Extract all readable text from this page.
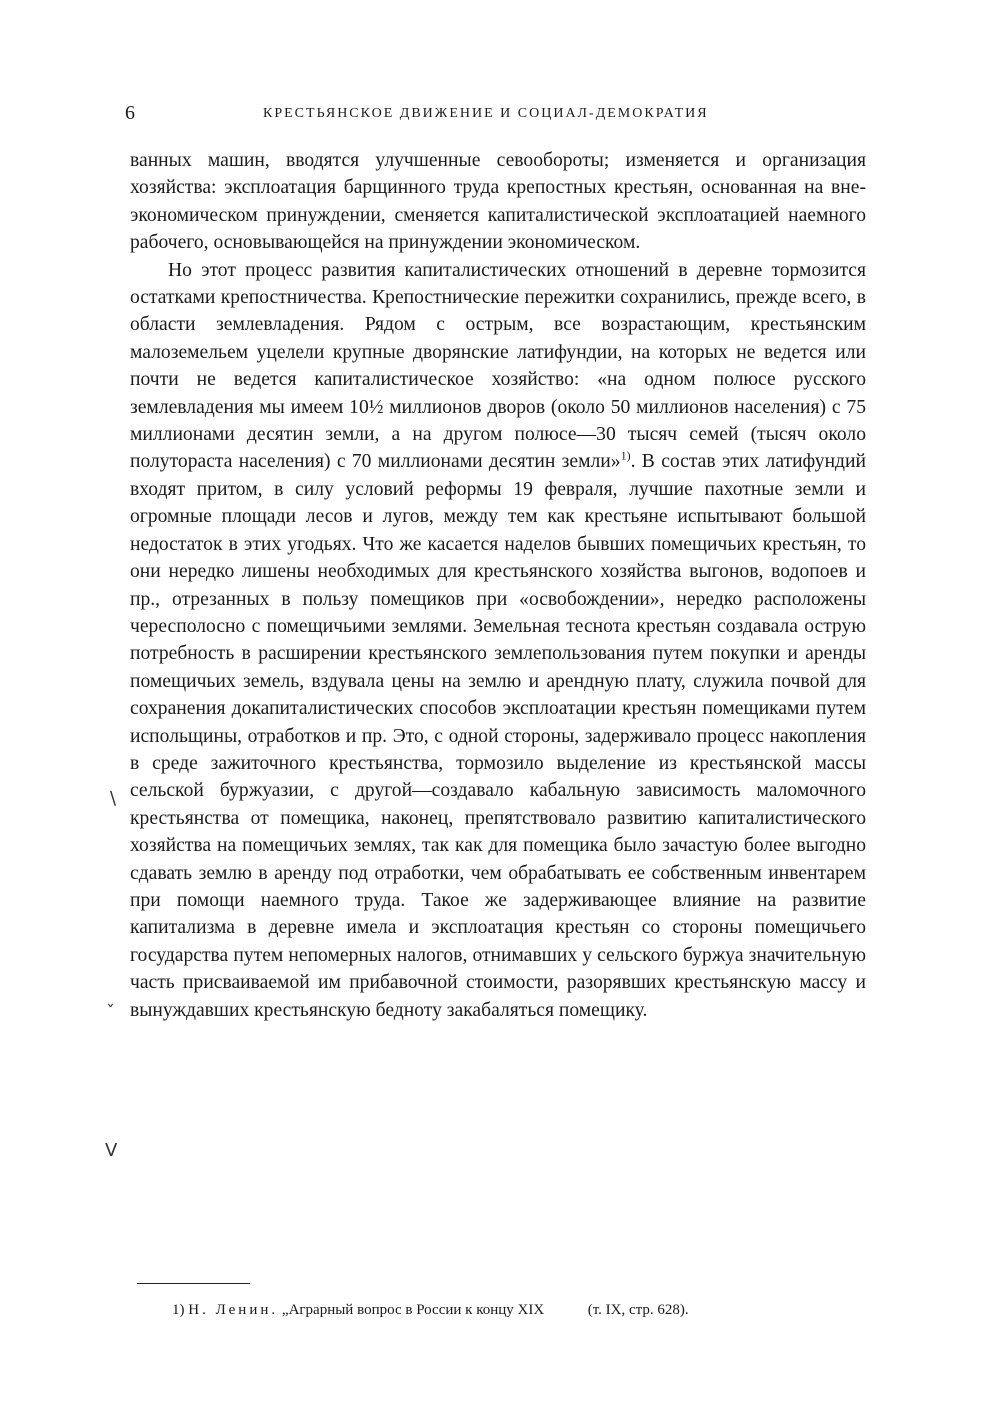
6	КРЕСТЬЯНСКОЕ ДВИЖЕНИЕ И СОЦИАЛ-ДЕМОКРАТИЯ

ванных машин, вводятся улучшенные севообороты; изменяется и организация хозяйства: эксплоатация барщинного труда крепостных крестьян, основанная на вне-экономическом принуждении, сменяется капиталистической эксплоатацией наемного рабочего, основывающейся на принуждении экономическом.

Но этот процесс развития капиталистических отношений в деревне тормозится остатками крепостничества. Крепостнические пережитки сохранились, прежде всего, в области землевладения. Рядом с острым, все возрастающим, крестьянским малоземельем уцелели крупные дворянские латифундии, на которых не ведется или почти не ведется капиталистическое хозяйство: «на одном полюсе русского землевладения мы имеем 10½ миллионов дворов (около 50 миллионов населения) с 75 миллионами десятин земли, а на другом полюсе—30 тысяч семей (тысяч около полутораста населения) с 70 миллионами десятин земли»$^{1)}$. В состав этих латифундий входят притом, в силу условий реформы 19 февраля, лучшие пахотные земли и огромные площади лесов и лугов, между тем как крестьяне испытывают большой недостаток в этих угодьях. Что же касается наделов бывших помещичьих крестьян, то они нередко лишены необходимых для крестьянского хозяйства выгонов, водопоев и пр., отрезанных в пользу помещиков при «освобождении», нередко расположены чересполосно с помещичьими землями. Земельная теснота крестьян создавала острую потребность в расширении крестьянского землепользования путем покупки и аренды помещичьих земель, вздувала цены на землю и арендную плату, служила почвой для сохранения докапиталистических способов эксплоатации крестьян помещиками путем испольщины, отработков и пр. Это, с одной стороны, задерживало процесс накопления в среде зажиточного крестьянства, тормозило выделение из крестьянской массы сельской буржуазии, с другой—создавало кабальную зависимость маломочного крестьянства от помещика, наконец, препятствовало развитию капиталистического хозяйства на помещичьих землях, так как для помещика было зачастую более выгодно сдавать землю в аренду под отработки, чем обрабатывать ее собственным инвентарем при помощи наемного труда. Такое же задерживающее влияние на развитие капитализма в деревне имела и эксплоатация крестьян со стороны помещичьего государства путем непомерных налогов, отнимавших у сельского буржуа значительную часть присваиваемой им прибавочной стоимости, разорявших крестьянскую массу и вынуждавших крестьянскую бедноту закабаляться помещику.

\
ˇ
V
1) Н. Ленин. „Аграрный вопрос в России к концу XIX	(т. IX, стр. 628).
